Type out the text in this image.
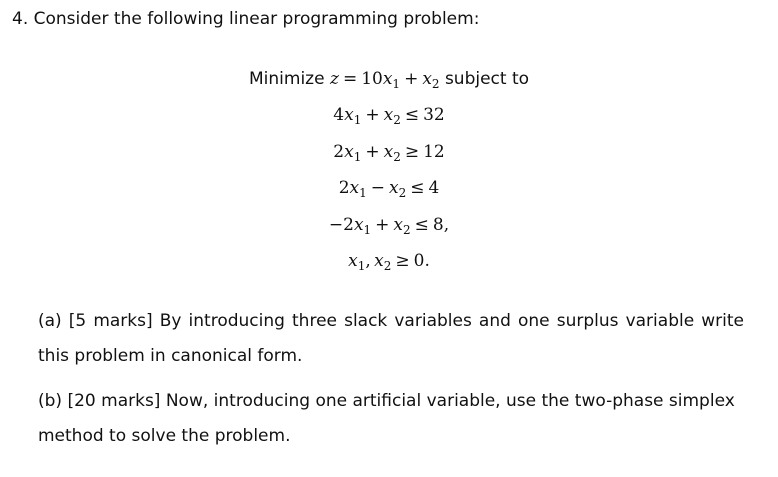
4. Consider the following linear programming problem:
Minimize $z = 10x_1 + x_2$ subject to
$4x_1 + x_2 \le 32$
$2x_1 + x_2 \ge 12$
$2x_1 - x_2 \le 4$
$-2x_1 + x_2 \le 8$,
$x_1$,  $x_2 \ge 0$.
(a) [5 marks] By introducing three slack variables and one surplus variable write this problem in canonical form.
(b) [20 marks] Now, introducing one artificial variable, use the two-phase simplex method to solve the problem.
